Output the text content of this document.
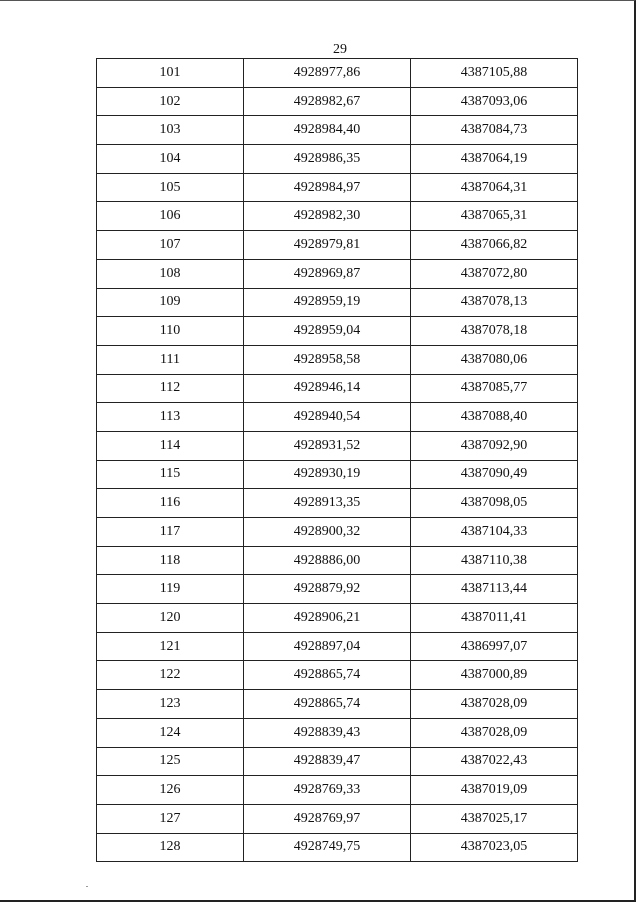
29
101	4928977,86	4387105,88
102	4928982,67	4387093,06
103	4928984,40	4387084,73
104	4928986,35	4387064,19
105	4928984,97	4387064,31
106	4928982,30	4387065,31
107	4928979,81	4387066,82
108	4928969,87	4387072,80
109	4928959,19	4387078,13
110	4928959,04	4387078,18
111	4928958,58	4387080,06
112	4928946,14	4387085,77
113	4928940,54	4387088,40
114	4928931,52	4387092,90
115	4928930,19	4387090,49
116	4928913,35	4387098,05
117	4928900,32	4387104,33
118	4928886,00	4387110,38
119	4928879,92	4387113,44
120	4928906,21	4387011,41
121	4928897,04	4386997,07
122	4928865,74	4387000,89
123	4928865,74	4387028,09
124	4928839,43	4387028,09
125	4928839,47	4387022,43
126	4928769,33	4387019,09
127	4928769,97	4387025,17
128	4928749,75	4387023,05
